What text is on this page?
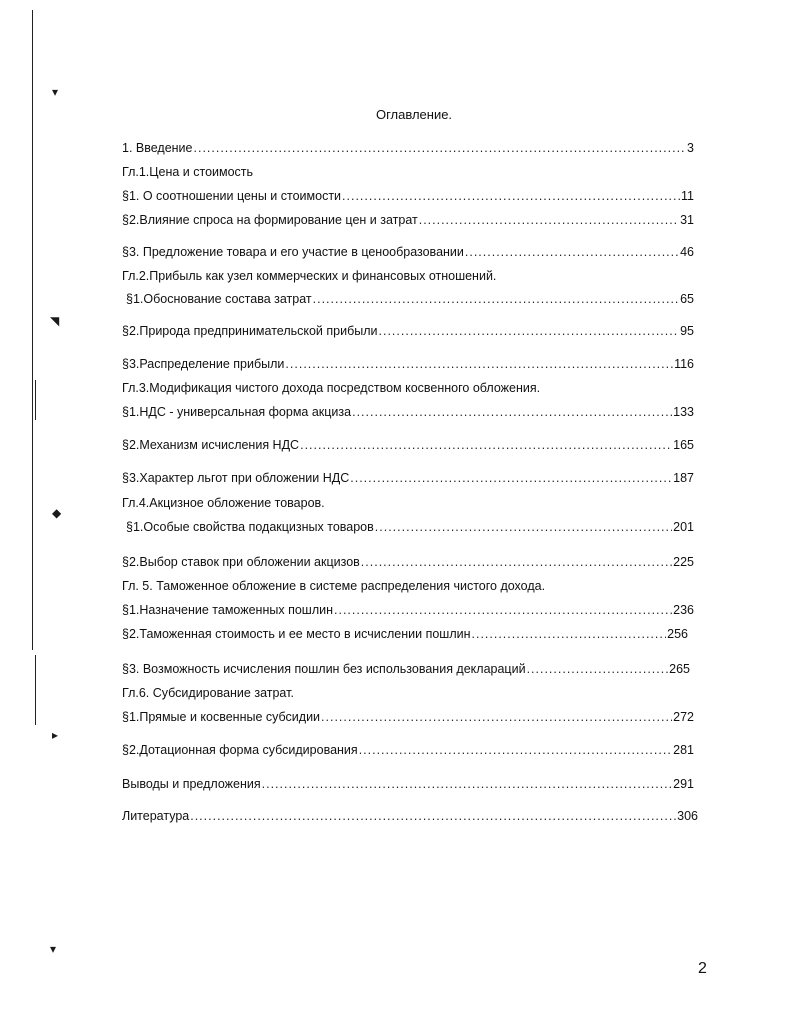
▾
◥
◆
▸
▾
Оглавление.
1. Введение .....	3
Гл.1.Цена и стоимость
§1. О соотношении цены и стоимости .....	11
§2.Влияние спроса на формирование цен и затрат .....	31
§3. Предложение товара и его участие в ценообразовании .....	46
Гл.2.Прибыль как узел коммерческих и финансовых отношений.
§1.Обоснование состава затрат .....	65
§2.Природа предпринимательской прибыли .....	95
§3.Распределение прибыли .....	116
Гл.3.Модификация чистого дохода посредством косвенного обложения.
§1.НДС - универсальная форма акциза .....	133
§2.Механизм исчисления НДС .....	165
§3.Характер льгот при обложении НДС .....	187
Гл.4.Акцизное обложение товаров.
§1.Особые свойства подакцизных товаров .....	201
§2.Выбор ставок при обложении акцизов .....	225
Гл. 5. Таможенное обложение в системе распределения чистого дохода.
§1.Назначение таможенных пошлин .....	236
§2.Таможенная стоимость и ее место в исчислении пошлин .....	256
§3. Возможность исчисления пошлин без использования деклараций .....	265
Гл.6. Субсидирование затрат.
§1.Прямые и косвенные субсидии .....	272
§2.Дотационная форма субсидирования .....	281
Выводы и предложения .....	291
Литература .....	306
2
